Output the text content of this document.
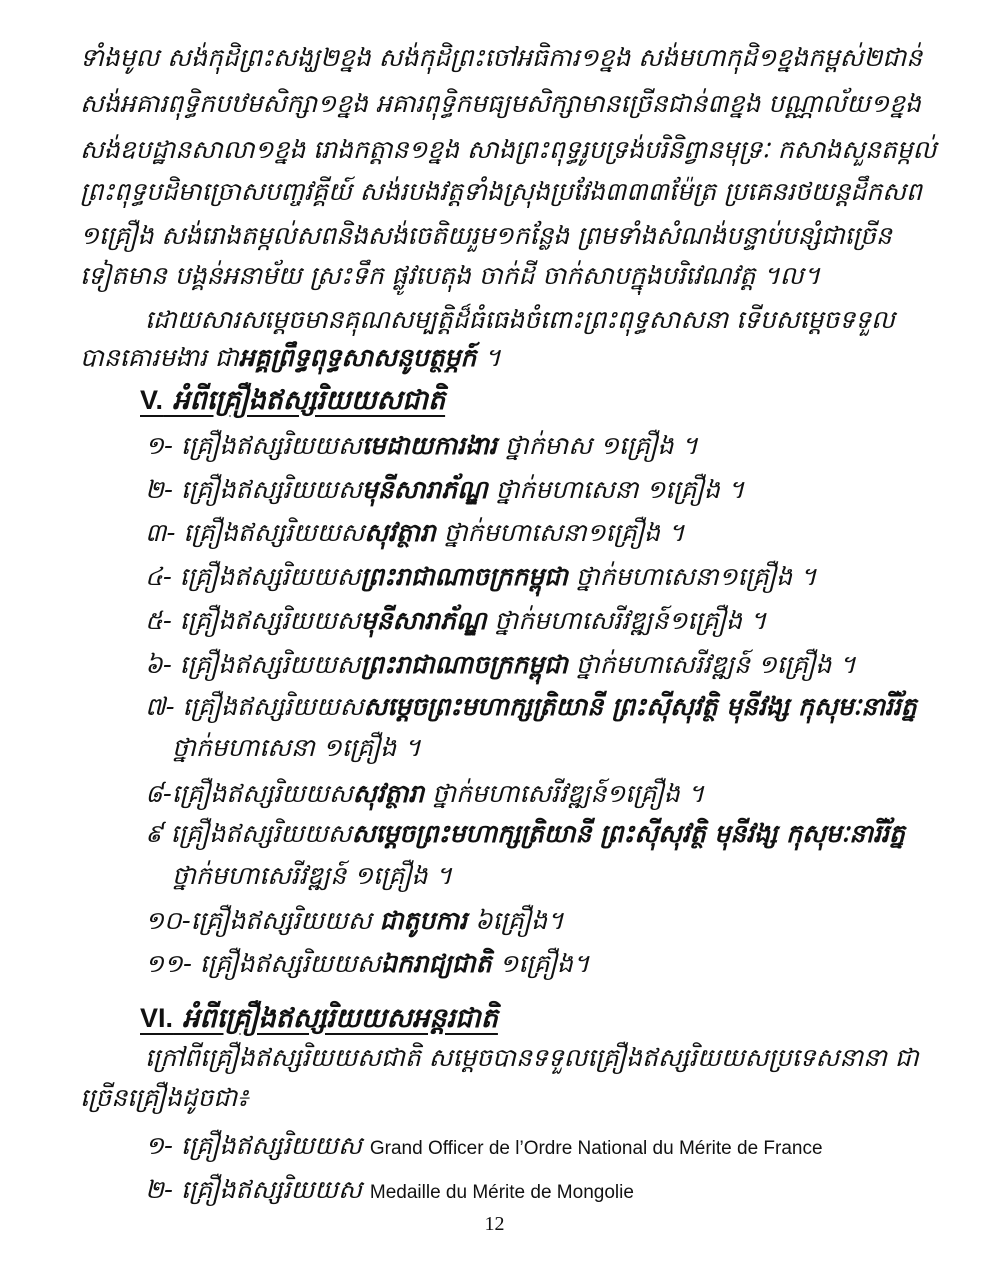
ទាំងមូល សង់កុដិព្រះសង្ឃ២ខ្នង សង់កុដិព្រះចៅអធិការ១ខ្នង សង់មហាកុដិ១ខ្នងកម្ពស់២ជាន់
សង់អគារពុទ្ធិកបឋមសិក្សា១ខ្នង អគារពុទ្ធិកមធ្យមសិក្សាមានច្រើនជាន់៣ខ្នង បណ្ណាល័យ១ខ្នង
សង់ឧបដ្ឋានសាលា១ខ្នង រោងកត្តាន១ខ្នង សាងព្រះពុទ្ធរូបទ្រង់បរិនិព្វានមុទ្រៈ កសាងសួនតម្កល់
ព្រះពុទ្ធបដិមាច្រោសបញ្ចវគ្គីយ៍ សង់របងវត្តទាំងស្រុងប្រវែង៣៣៣ម៉ែត្រ ប្រគេនរថយន្តដឹកសព
១គ្រឿង សង់រោងតម្កល់សពនិងសង់ចេតិយរួម១កន្លែង ព្រមទាំងសំណង់បន្ទាប់បន្សំជាច្រើន
ទៀតមាន បង្គន់អនាម័យ ស្រះទឹក ផ្លូវបេតុង ចាក់ដី ចាក់សាបក្នុងបរិវេណវត្ត ។ល។
ដោយសារសម្ដេចមានគុណសម្បត្តិដ៏ធំធេងចំពោះព្រះពុទ្ធសាសនា ទើបសម្ដេចទទួល
បានគោរមងារ ជាអគ្គព្រឹទ្ធពុទ្ធសាសនូបត្ថម្ភក៍ ។
V. អំពីគ្រឿងឥស្សរិយយសជាតិ
១- គ្រឿងឥស្សរិយយសមេដាយការងារ ថ្នាក់មាស ១គ្រឿង ។
២- គ្រឿងឥស្សរិយយសមុនីសារាភ័ណ្ឌ ថ្នាក់មហាសេនា ១គ្រឿង ។
៣- គ្រឿងឥស្សរិយយសសុវត្ថារា ថ្នាក់មហាសេនា១គ្រឿង ។
៤- គ្រឿងឥស្សរិយយសព្រះរាជាណាចក្រកម្ពុជា ថ្នាក់មហាសេនា១គ្រឿង ។
៥- គ្រឿងឥស្សរិយយសមុនីសារាភ័ណ្ឌ ថ្នាក់មហាសេរីវឌ្ឍន៍១គ្រឿង ។
៦- គ្រឿងឥស្សរិយយសព្រះរាជាណាចក្រកម្ពុជា ថ្នាក់មហាសេរីវឌ្ឍន៍ ១គ្រឿង ។
៧- គ្រឿងឥស្សរិយយសសម្ដេចព្រះមហាក្សត្រិយានី ព្រះស៊ីសុវត្ថិ មុនីវង្ស កុសុមៈនារីរ័ត្ន
ថ្នាក់មហាសេនា ១គ្រឿង ។
៨-គ្រឿងឥស្សរិយយសសុវត្ថារា ថ្នាក់មហាសេរីវឌ្ឍន៍១គ្រឿង ។
៩ គ្រឿងឥស្សរិយយសសម្ដេចព្រះមហាក្សត្រិយានី ព្រះស៊ីសុវត្ថិ មុនីវង្ស កុសុមៈនារីរ័ត្ន
ថ្នាក់មហាសេរីវឌ្ឍន៍ ១គ្រឿង ។
១០-គ្រឿងឥស្សរិយយស ជាតូបការ ៦គ្រឿង។
១១- គ្រឿងឥស្សរិយយសឯករាជ្យជាតិ ១គ្រឿង។
VI. អំពីគ្រឿងឥស្សរិយយសអន្តរជាតិ
ក្រៅពីគ្រឿងឥស្សរិយយសជាតិ សម្ដេចបានទទួលគ្រឿងឥស្សរិយយសប្រទេសនានា ជា
ច្រើនគ្រឿងដូចជា៖
១- គ្រឿងឥស្សរិយយស Grand Officer de l’Ordre National du Mérite de France
២- គ្រឿងឥស្សរិយយស Medaille du Mérite de Mongolie
12
